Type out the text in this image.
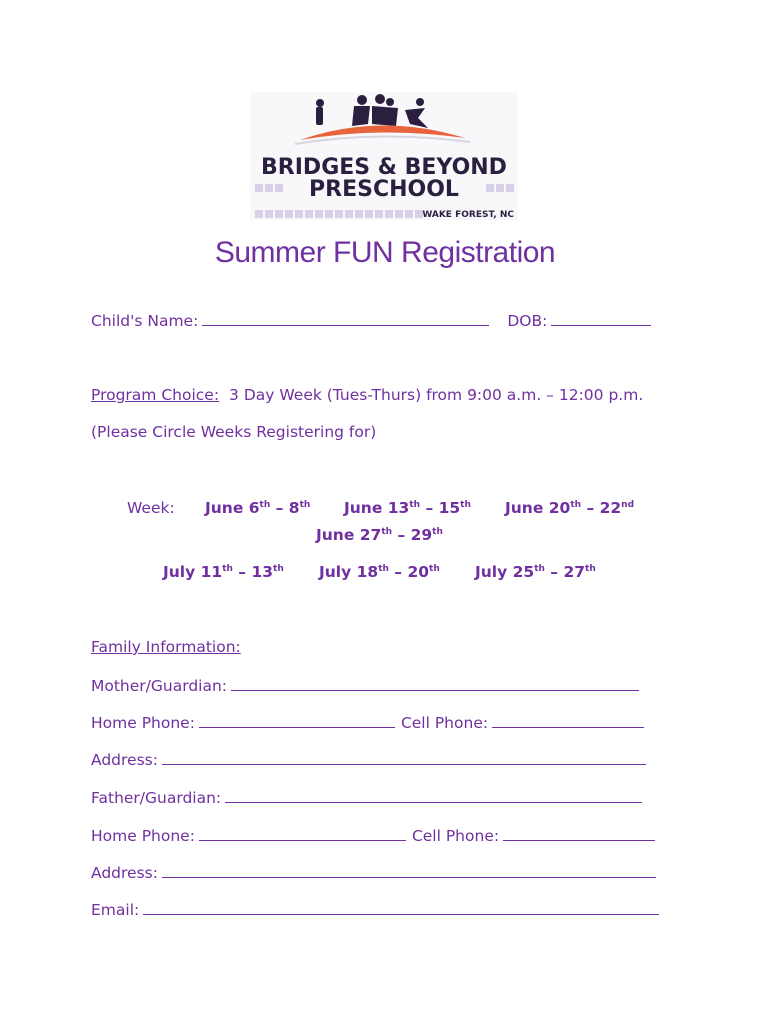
BRIDGES & BEYOND
PRESCHOOL
WAKE FOREST, NC
Summer FUN Registration
Child's Name:	DOB:
Program Choice: 3 Day Week (Tues-Thurs) from 9:00 a.m. – 12:00 p.m.
(Please Circle Weeks Registering for)
Week: June 6th – 8th June 13th – 15th June 20th – 22nd
June 27th – 29th
July 11th – 13th July 18th – 20th July 25th – 27th
Family Information:
Mother/Guardian:
Home Phone:	Cell Phone:
Address:
Father/Guardian:
Home Phone:	Cell Phone:
Address:
Email:
